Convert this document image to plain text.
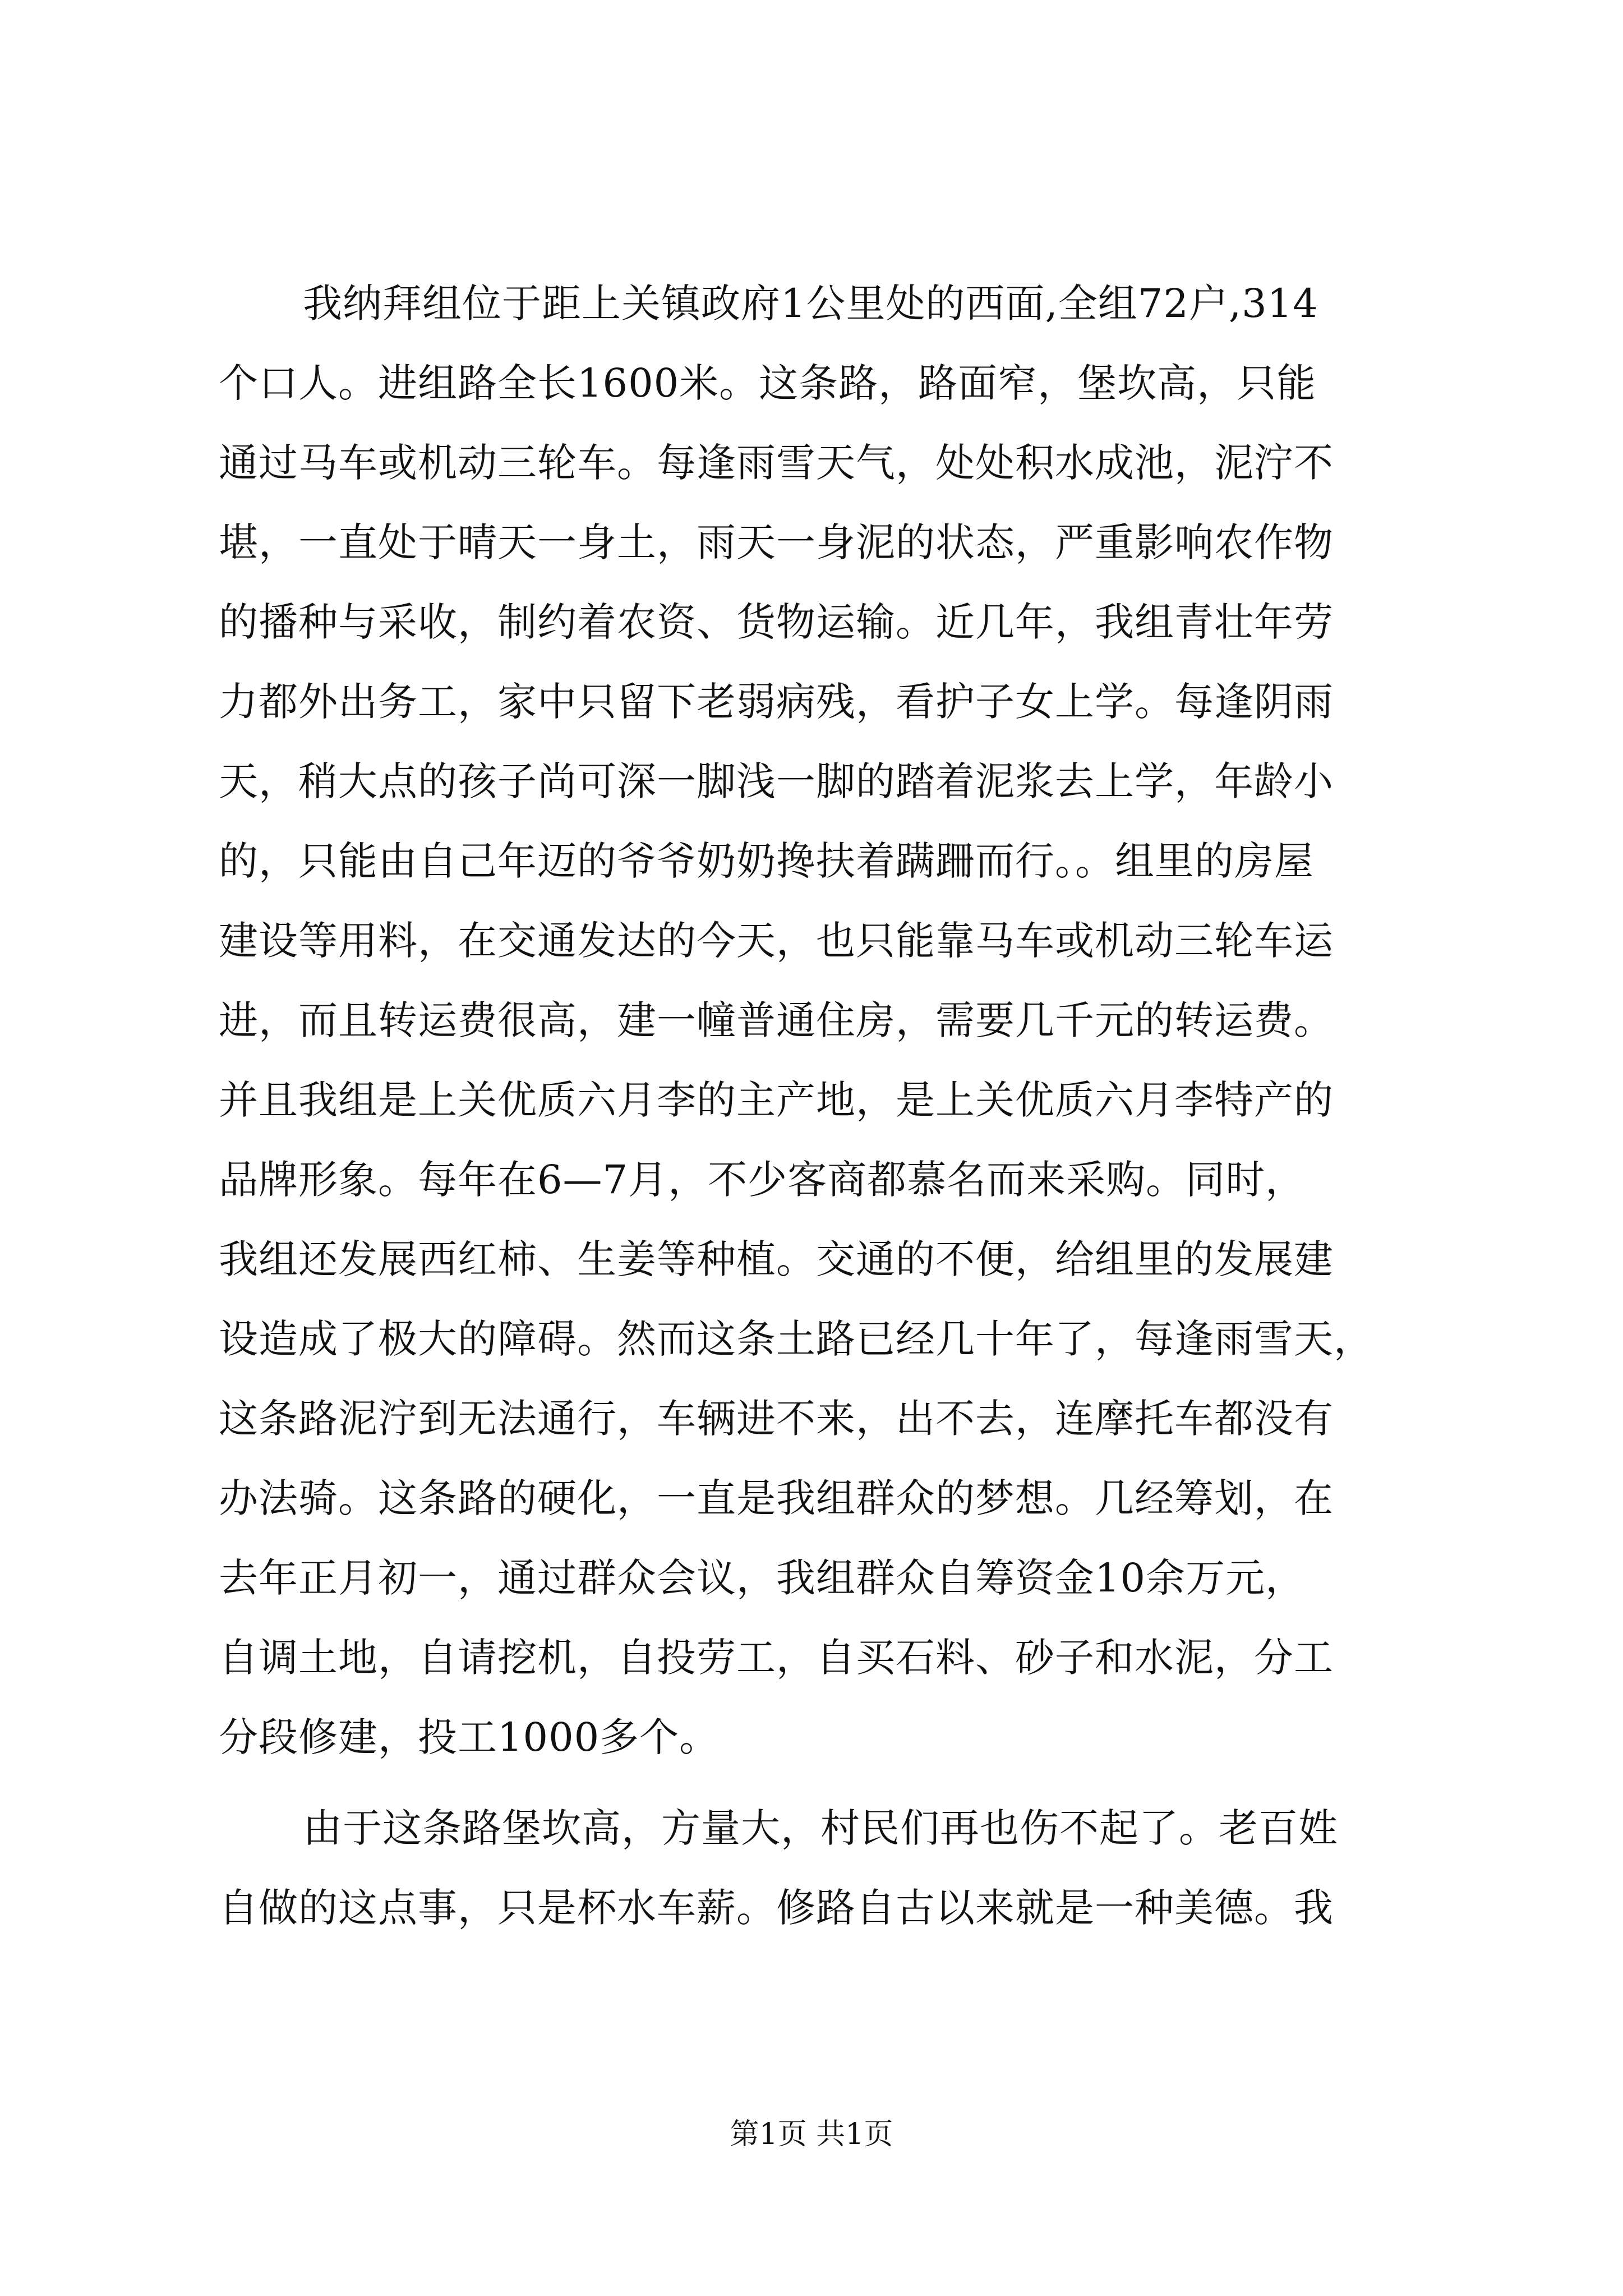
我纳拜组位于距上关镇政府1公里处的西面,全组72户,314
个口人。进组路全长1600米。这条路，路面窄，堡坎高，只能
通过马车或机动三轮车。每逢雨雪天气，处处积水成池，泥泞不
堪，一直处于晴天一身土，雨天一身泥的状态，严重影响农作物
的播种与采收，制约着农资、货物运输。近几年，我组青壮年劳
力都外出务工，家中只留下老弱病残，看护子女上学。每逢阴雨
天，稍大点的孩子尚可深一脚浅一脚的踏着泥浆去上学，年龄小
的，只能由自己年迈的爷爷奶奶搀扶着蹒跚而行。。组里的房屋
建设等用料，在交通发达的今天，也只能靠马车或机动三轮车运
进，而且转运费很高，建一幢普通住房，需要几千元的转运费。
并且我组是上关优质六月李的主产地，是上关优质六月李特产的
品牌形象。每年在6—7月，不少客商都慕名而来采购。同时，
我组还发展西红柿、生姜等种植。交通的不便，给组里的发展建
设造成了极大的障碍。然而这条土路已经几十年了，每逢雨雪天，
这条路泥泞到无法通行，车辆进不来，出不去，连摩托车都没有
办法骑。这条路的硬化，一直是我组群众的梦想。几经筹划，在
去年正月初一，通过群众会议，我组群众自筹资金10余万元，
自调土地，自请挖机，自投劳工，自买石料、砂子和水泥，分工
分段修建，投工1000多个。
由于这条路堡坎高，方量大，村民们再也伤不起了。老百姓
自做的这点事，只是杯水车薪。修路自古以来就是一种美德。我
第1页 共1页
